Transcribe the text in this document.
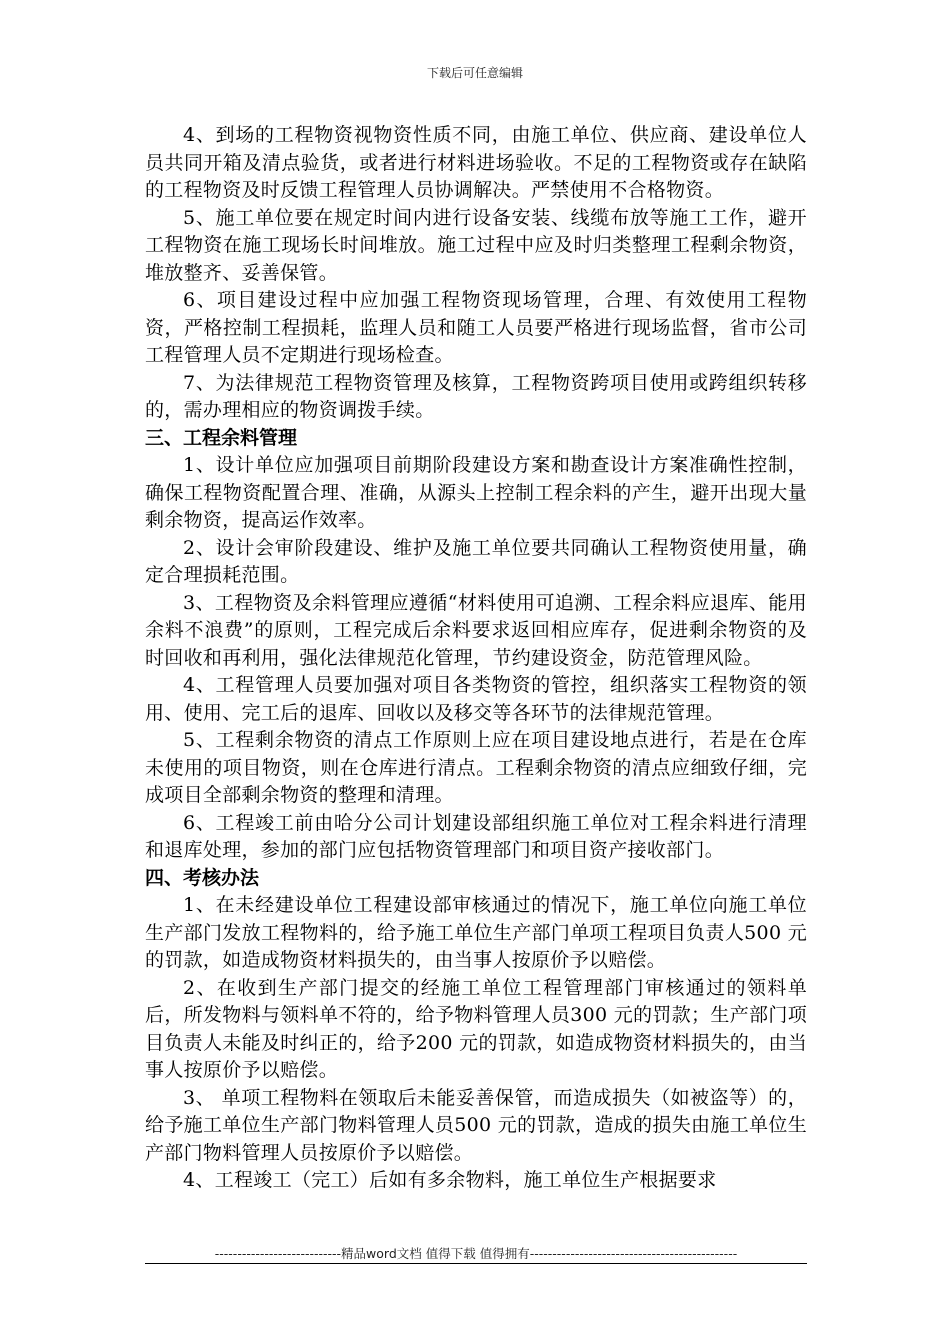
下载后可任意编辑

4、到场的工程物资视物资性质不同，由施工单位、供应商、建设单位人员共同开箱及清点验货，或者进行材料进场验收。不足的工程物资或存在缺陷的工程物资及时反馈工程管理人员协调解决。严禁使用不合格物资。

5、施工单位要在规定时间内进行设备安装、线缆布放等施工工作，避开工程物资在施工现场长时间堆放。施工过程中应及时归类整理工程剩余物资，堆放整齐、妥善保管。

6、项目建设过程中应加强工程物资现场管理，合理、有效使用工程物资，严格控制工程损耗，监理人员和随工人员要严格进行现场监督，省市公司工程管理人员不定期进行现场检查。

7、为法律规范工程物资管理及核算，工程物资跨项目使用或跨组织转移的，需办理相应的物资调拨手续。

三、工程余料管理

1、设计单位应加强项目前期阶段建设方案和勘查设计方案准确性控制，确保工程物资配置合理、准确，从源头上控制工程余料的产生，避开出现大量剩余物资，提高运作效率。

2、设计会审阶段建设、维护及施工单位要共同确认工程物资使用量，确定合理损耗范围。

3、工程物资及余料管理应遵循“材料使用可追溯、工程余料应退库、能用余料不浪费”的原则，工程完成后余料要求返回相应库存，促进剩余物资的及时回收和再利用，强化法律规范化管理，节约建设资金，防范管理风险。

4、工程管理人员要加强对项目各类物资的管控，组织落实工程物资的领用、使用、完工后的退库、回收以及移交等各环节的法律规范管理。

5、工程剩余物资的清点工作原则上应在项目建设地点进行，若是在仓库未使用的项目物资，则在仓库进行清点。工程剩余物资的清点应细致仔细，完成项目全部剩余物资的整理和清理。

6、工程竣工前由哈分公司计划建设部组织施工单位对工程余料进行清理和退库处理，参加的部门应包括物资管理部门和项目资产接收部门。

四、考核办法

1、在未经建设单位工程建设部审核通过的情况下，施工单位向施工单位生产部门发放工程物料的，给予施工单位生产部门单项工程项目负责人500 元的罚款，如造成物资材料损失的，由当事人按原价予以赔偿。

2、在收到生产部门提交的经施工单位工程管理部门审核通过的领料单后，所发物料与领料单不符的，给予物料管理人员300 元的罚款；生产部门项目负责人未能及时纠正的，给予200 元的罚款，如造成物资材料损失的，由当事人按原价予以赔偿。

3、 单项工程物料在领取后未能妥善保管，而造成损失（如被盗等）的，给予施工单位生产部门物料管理人员500 元的罚款，造成的损失由施工单位生产部门物料管理人员按原价予以赔偿。

4、工程竣工（完工）后如有多余物料，施工单位生产根据要求

----------------------------精品word文档 值得下载 值得拥有----------------------------------------------
